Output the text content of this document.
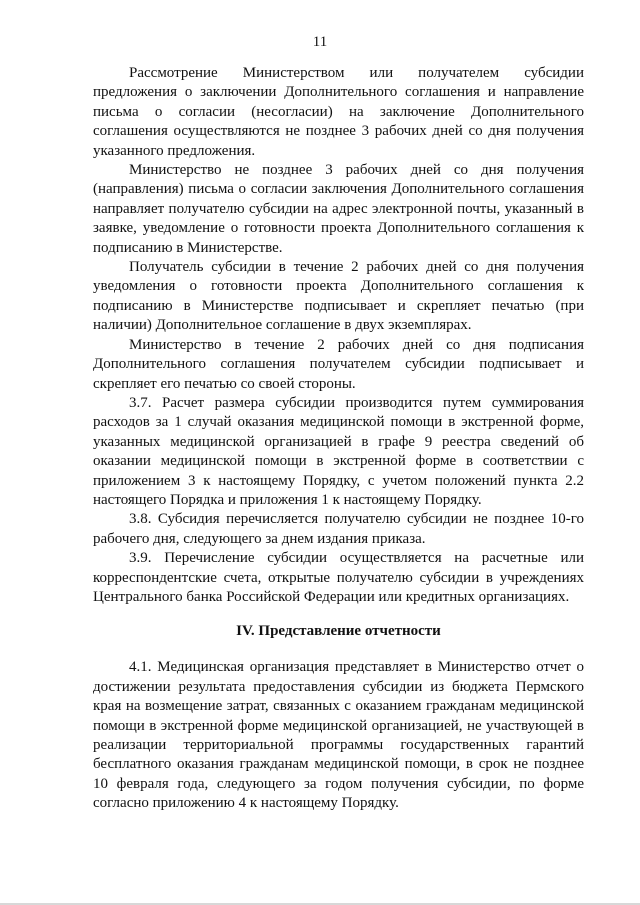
11

Рассмотрение Министерством или получателем субсидии предложения о заключении Дополнительного соглашения и направление письма о согласии (несогласии) на заключение Дополнительного соглашения осуществляются не позднее 3 рабочих дней со дня получения указанного предложения.

Министерство не позднее 3 рабочих дней со дня получения (направления) письма о согласии заключения Дополнительного соглашения направляет получателю субсидии на адрес электронной почты, указанный в заявке, уведомление о готовности проекта Дополнительного соглашения к подписанию в Министерстве.

Получатель субсидии в течение 2 рабочих дней со дня получения уведомления о готовности проекта Дополнительного соглашения к подписанию в Министерстве подписывает и скрепляет печатью (при наличии) Дополнительное соглашение в двух экземплярах.

Министерство в течение 2 рабочих дней со дня подписания Дополнительного соглашения получателем субсидии подписывает и скрепляет его печатью со своей стороны.

3.7. Расчет размера субсидии производится путем суммирования расходов за 1 случай оказания медицинской помощи в экстренной форме, указанных медицинской организацией в графе 9 реестра сведений об оказании медицинской помощи в экстренной форме в соответствии с приложением 3 к настоящему Порядку, с учетом положений пункта 2.2 настоящего Порядка и приложения 1 к настоящему Порядку.

3.8. Субсидия перечисляется получателю субсидии не позднее 10-го рабочего дня, следующего за днем издания приказа.

3.9. Перечисление субсидии осуществляется на расчетные или корреспондентские счета, открытые получателю субсидии в учреждениях Центрального банка Российской Федерации или кредитных организациях.

IV. Представление отчетности

4.1. Медицинская организация представляет в Министерство отчет о достижении результата предоставления субсидии из бюджета Пермского края на возмещение затрат, связанных с оказанием гражданам медицинской помощи в экстренной форме медицинской организацией, не участвующей в реализации территориальной программы государственных гарантий бесплатного оказания гражданам медицинской помощи, в срок не позднее 10 февраля года, следующего за годом получения субсидии, по форме согласно приложению 4 к настоящему Порядку.
